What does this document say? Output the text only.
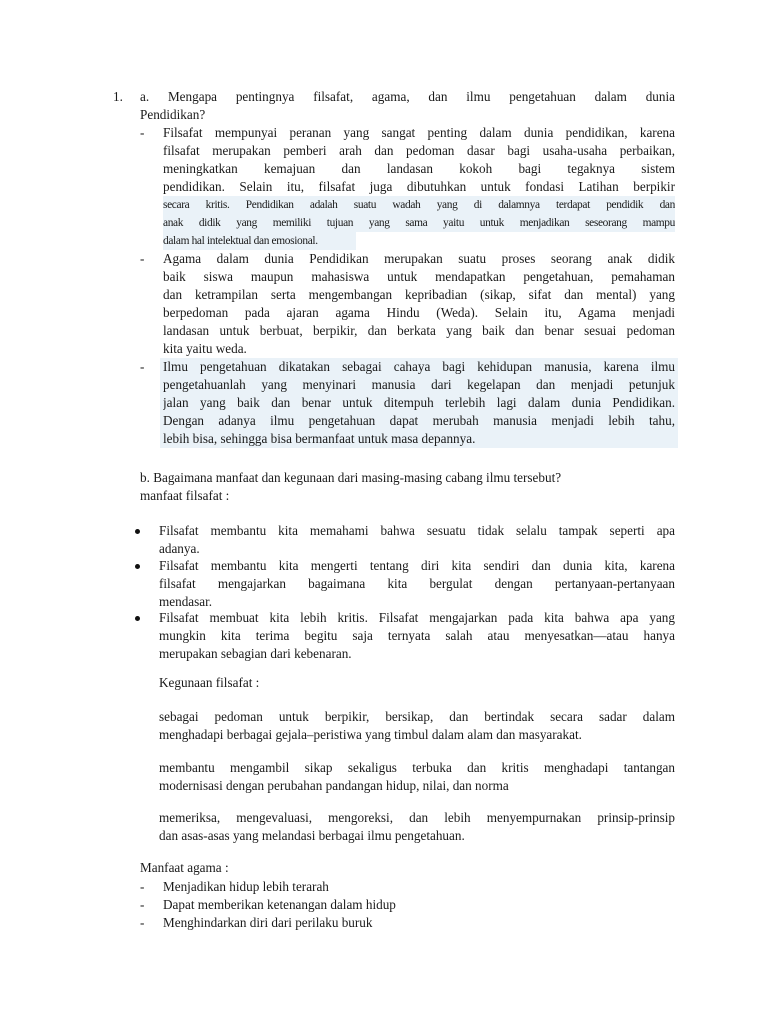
1. a. Mengapa pentingnya filsafat, agama, dan ilmu pengetahuan dalam dunia
Pendidikan?
- Filsafat mempunyai peranan yang sangat penting dalam dunia pendidikan, karena
filsafat merupakan pemberi arah dan pedoman dasar bagi usaha-usaha perbaikan,
meningkatkan kemajuan dan landasan kokoh bagi tegaknya sistem
pendidikan. Selain itu, filsafat juga dibutuhkan untuk fondasi Latihan berpikir
secara kritis. Pendidikan adalah suatu wadah yang di dalamnya terdapat pendidik dan
anak didik yang memiliki tujuan yang sama yaitu untuk menjadikan seseorang mampu
dalam hal intelektual dan emosional.
- Agama dalam dunia Pendidikan merupakan suatu proses seorang anak didik
baik siswa maupun mahasiswa untuk mendapatkan pengetahuan, pemahaman
dan ketrampilan serta mengembangan kepribadian (sikap, sifat dan mental) yang
berpedoman pada ajaran agama Hindu (Weda). Selain itu, Agama menjadi
landasan untuk berbuat, berpikir, dan berkata yang baik dan benar sesuai pedoman
kita yaitu weda.
- Ilmu pengetahuan dikatakan sebagai cahaya bagi kehidupan manusia, karena ilmu
pengetahuanlah yang menyinari manusia dari kegelapan dan menjadi petunjuk
jalan yang baik dan benar untuk ditempuh terlebih lagi dalam dunia Pendidikan.
Dengan adanya ilmu pengetahuan dapat merubah manusia menjadi lebih tahu,
lebih bisa, sehingga bisa bermanfaat untuk masa depannya.
b. Bagaimana manfaat dan kegunaan dari masing-masing cabang ilmu tersebut?
manfaat filsafat :
Filsafat membantu kita memahami bahwa sesuatu tidak selalu tampak seperti apa
adanya.
Filsafat membantu kita mengerti tentang diri kita sendiri dan dunia kita, karena
filsafat mengajarkan bagaimana kita bergulat dengan pertanyaan-pertanyaan
mendasar.
Filsafat membuat kita lebih kritis. Filsafat mengajarkan pada kita bahwa apa yang
mungkin kita terima begitu saja ternyata salah atau menyesatkan—atau hanya
merupakan sebagian dari kebenaran.
Kegunaan filsafat :
sebagai pedoman untuk berpikir, bersikap, dan bertindak secara sadar dalam
menghadapi berbagai gejala–peristiwa yang timbul dalam alam dan masyarakat.
membantu mengambil sikap sekaligus terbuka dan kritis menghadapi tantangan
modernisasi dengan perubahan pandangan hidup, nilai, dan norma
memeriksa, mengevaluasi, mengoreksi, dan lebih menyempurnakan prinsip-prinsip
dan asas-asas yang melandasi berbagai ilmu pengetahuan.
Manfaat agama :
- Menjadikan hidup lebih terarah
- Dapat memberikan ketenangan dalam hidup
- Menghindarkan diri dari perilaku buruk
